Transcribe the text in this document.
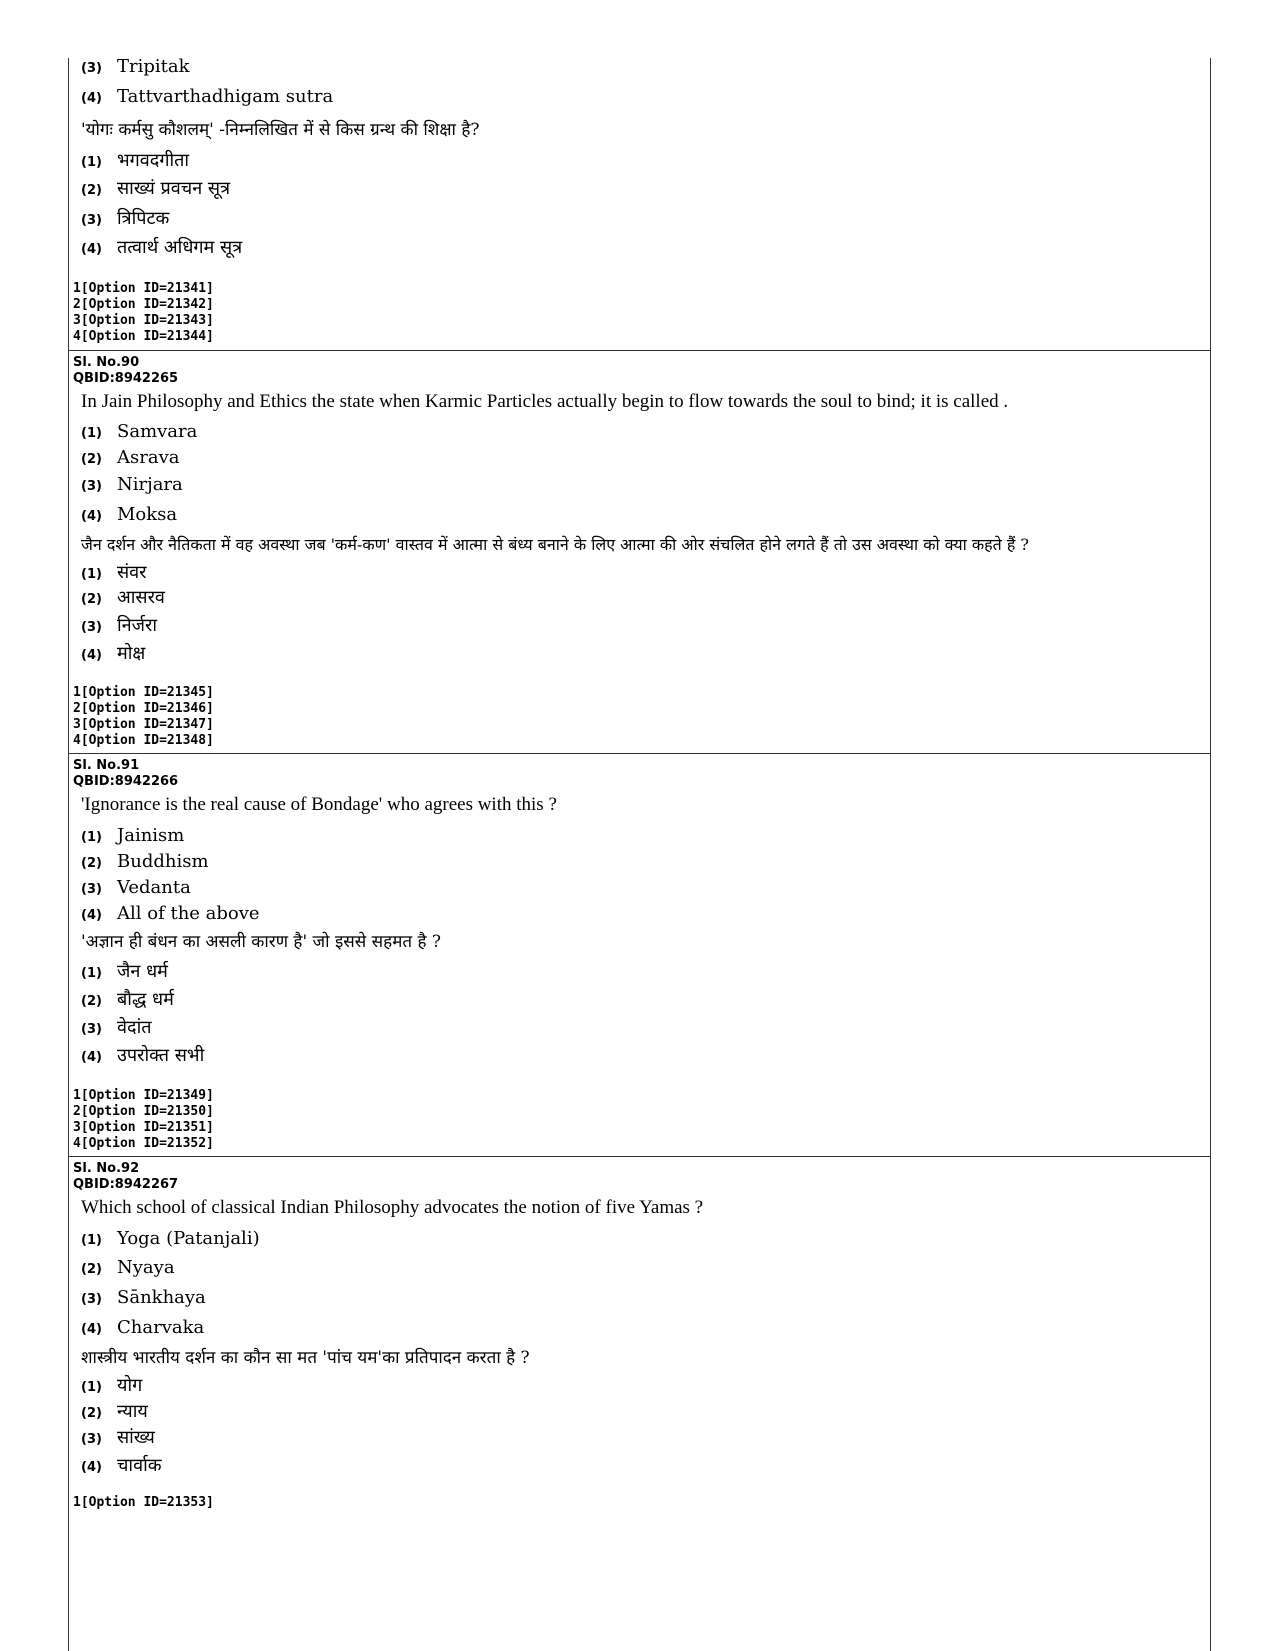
(3) Tripitak
(4) Tattvarthadhigam sutra
'योगः कर्मसु कौशलम्' -निम्नलिखित में से किस ग्रन्थ की शिक्षा है?
(1) भगवदगीता
(2) साख्यं प्रवचन सूत्र
(3) त्रिपिटक
(4) तत्वार्थ अधिगम सूत्र
1[Option ID=21341]
2[Option ID=21342]
3[Option ID=21343]
4[Option ID=21344]
Sl. No.90
QBID:8942265
In Jain Philosophy and Ethics the state when Karmic Particles actually begin to flow towards the soul to bind; it is called .
(1) Samvara
(2) Asrava
(3) Nirjara
(4) Moksa
जैन दर्शन और नैतिकता में वह अवस्था जब 'कर्म-कण' वास्तव में आत्मा से बंध्य बनाने के लिए आत्मा की ओर संचलित होने लगते हैं तो उस अवस्था को क्या कहते हैं ?
(1) संवर
(2) आसरव
(3) निर्जरा
(4) मोक्ष
1[Option ID=21345]
2[Option ID=21346]
3[Option ID=21347]
4[Option ID=21348]
Sl. No.91
QBID:8942266
'Ignorance is the real cause of Bondage' who agrees with this ?
(1) Jainism
(2) Buddhism
(3) Vedanta
(4) All of the above
'अज्ञान ही बंधन का असली कारण है' जो इससे सहमत है ?
(1) जैन धर्म
(2) बौद्ध धर्म
(3) वेदांत
(4) उपरोक्त सभी
1[Option ID=21349]
2[Option ID=21350]
3[Option ID=21351]
4[Option ID=21352]
Sl. No.92
QBID:8942267
Which school of classical Indian Philosophy advocates the notion of five Yamas ?
(1) Yoga (Patanjali)
(2) Nyaya
(3) Sānkhaya
(4) Charvaka
शास्त्रीय भारतीय दर्शन का कौन सा मत 'पांच यम'का प्रतिपादन करता है ?
(1) योग
(2) न्याय
(3) सांख्य
(4) चार्वाक
1[Option ID=21353]
